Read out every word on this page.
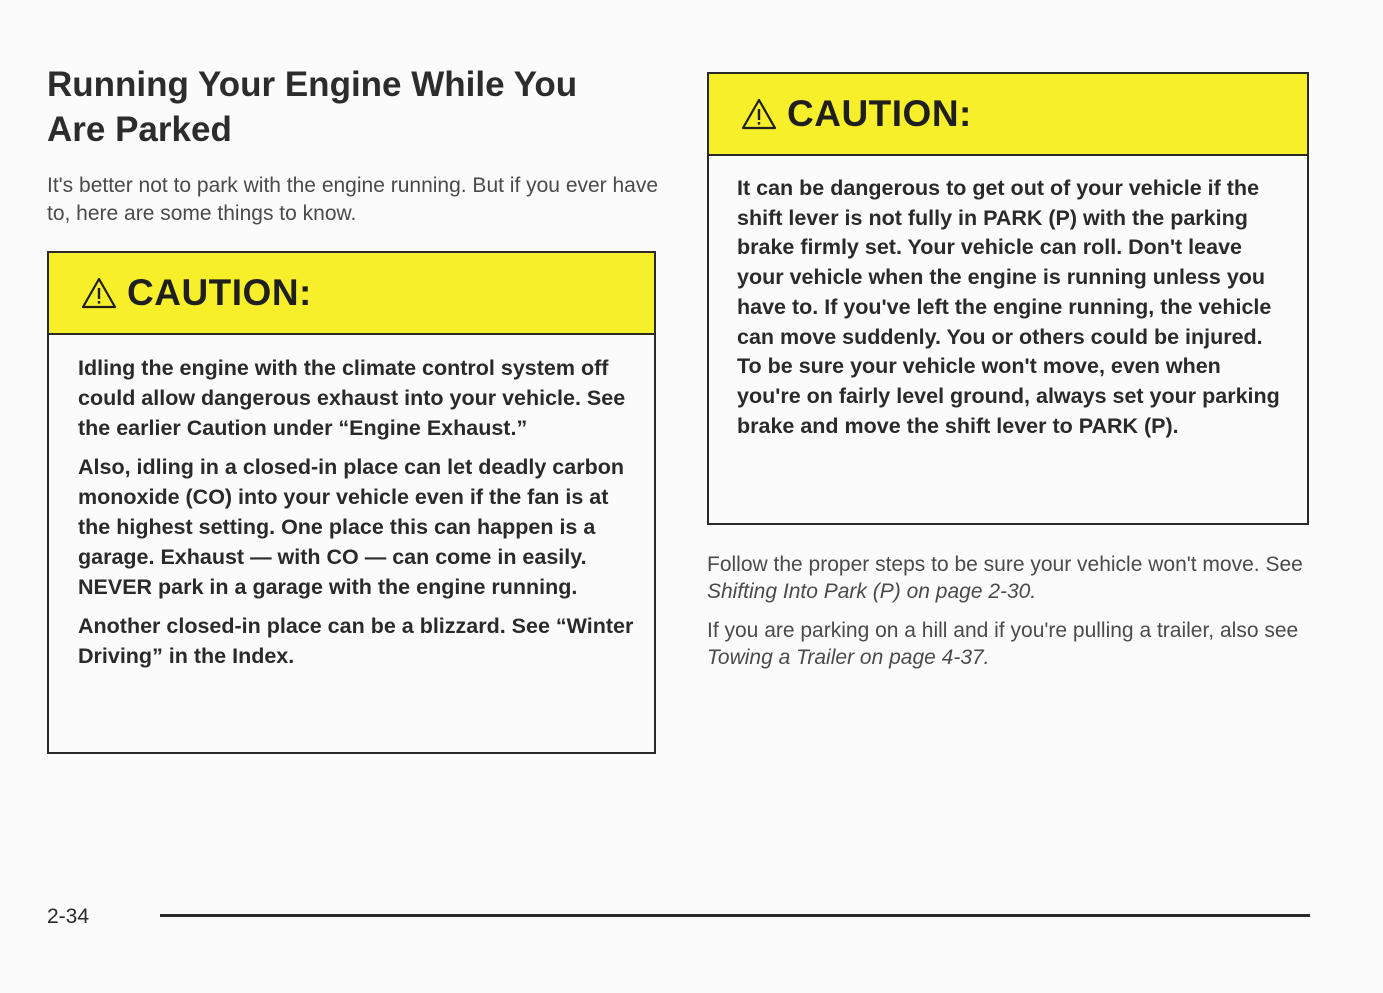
Running Your Engine While You
Are Parked

It's better not to park with the engine running. But if you ever have to, here are some things to know.

CAUTION:

Idling the engine with the climate control system off could allow dangerous exhaust into your vehicle. See the earlier Caution under “Engine Exhaust.”

Also, idling in a closed-in place can let deadly carbon monoxide (CO) into your vehicle even if the fan is at the highest setting. One place this can happen is a garage. Exhaust — with CO — can come in easily. NEVER park in a garage with the engine running.

Another closed-in place can be a blizzard. See “Winter Driving” in the Index.

CAUTION:

It can be dangerous to get out of your vehicle if the shift lever is not fully in PARK (P) with the parking brake firmly set. Your vehicle can roll. Don't leave your vehicle when the engine is running unless you have to. If you've left the engine running, the vehicle can move suddenly. You or others could be injured. To be sure your vehicle won't move, even when you're on fairly level ground, always set your parking brake and move the shift lever to PARK (P).

Follow the proper steps to be sure your vehicle won't move. See Shifting Into Park (P) on page 2-30.

If you are parking on a hill and if you're pulling a trailer, also see Towing a Trailer on page 4-37.

2-34
